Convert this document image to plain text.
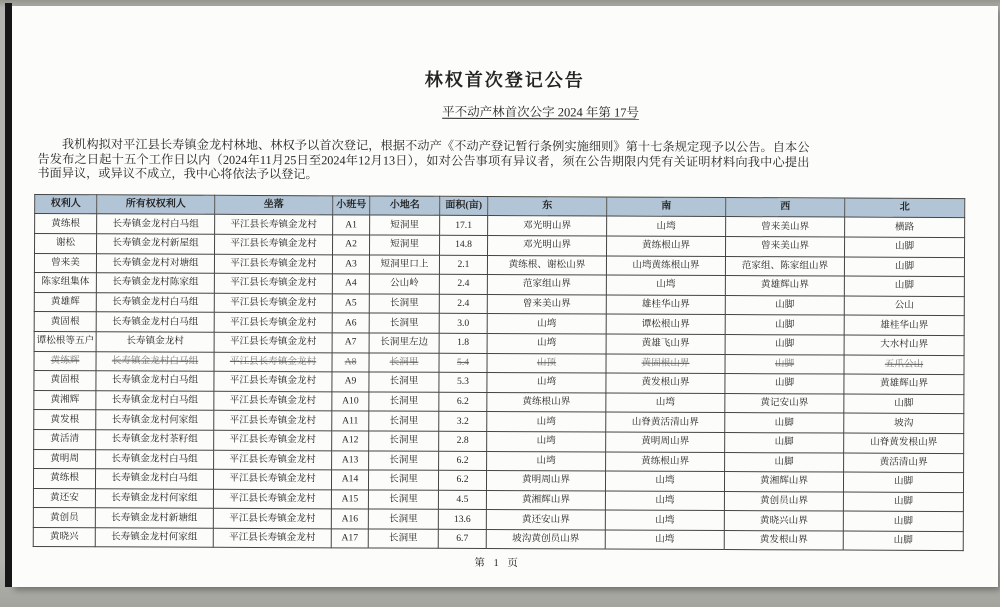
林权首次登记公告
平不动产林首次公字 2024 年第 17号

我机构拟对平江县长寿镇金龙村林地、林权予以首次登记，根据不动产《不动产登记暂行条例实施细则》第十七条规定现予以公告。自本公告发布之日起十五个工作日以内（2024年11月25日至2024年12月13日），如对公告事项有异议者，须在公告期限内凭有关证明材料向我中心提出书面异议，或异议不成立，我中心将依法予以登记。

权利人	所有权权利人	坐落	小班号	小地名	面积(亩)	东	南	西	北
黄练根	长寿镇金龙村白马组	平江县长寿镇金龙村	A1	短洞里	17.1	邓光明山界	山塆	曾来美山界	横路
谢松	长寿镇金龙村新屋组	平江县长寿镇金龙村	A2	短洞里	14.8	邓光明山界	黄练根山界	曾来美山界	山脚
曾来美	长寿镇金龙村对塘组	平江县长寿镇金龙村	A3	短洞里口上	2.1	黄练根、谢松山界	山塆黄练根山界	范家组、陈家组山界	山脚
陈家组集体	长寿镇金龙村陈家组	平江县长寿镇金龙村	A4	公山岭	2.4	范家组山界	山塆	黄雄辉山界	山脚
黄雄辉	长寿镇金龙村白马组	平江县长寿镇金龙村	A5	长洞里	2.4	曾来美山界	雄桂华山界	山脚	公山
黄固根	长寿镇金龙村白马组	平江县长寿镇金龙村	A6	长洞里	3.0	山塆	谭松根山界	山脚	雄桂华山界
谭松根等五户	长寿镇金龙村	平江县长寿镇金龙村	A7	长洞里左边	1.8	山塆	黄雄飞山界	山脚	大水村山界
黄练辉	长寿镇金龙村白马组	平江县长寿镇金龙村	A8	长洞里	5.4	山顶	黄固根山界	山脚	五爪公山
黄固根	长寿镇金龙村白马组	平江县长寿镇金龙村	A9	长洞里	5.3	山塆	黄发根山界	山脚	黄雄辉山界
黄湘辉	长寿镇金龙村白马组	平江县长寿镇金龙村	A10	长洞里	6.2	黄练根山界	山塆	黄记安山界	山脚
黄发根	长寿镇金龙村何家组	平江县长寿镇金龙村	A11	长洞里	3.2	山塆	山脊黄活清山界	山脚	坡沟
黄活清	长寿镇金龙村茶籽组	平江县长寿镇金龙村	A12	长洞里	2.8	山塆	黄明周山界	山脚	山脊黄发根山界
黄明周	长寿镇金龙村白马组	平江县长寿镇金龙村	A13	长洞里	6.2	山塆	黄练根山界	山脚	黄活清山界
黄练根	长寿镇金龙村白马组	平江县长寿镇金龙村	A14	长洞里	6.2	黄明周山界	山塆	黄湘辉山界	山脚
黄还安	长寿镇金龙村何家组	平江县长寿镇金龙村	A15	长洞里	4.5	黄湘辉山界	山塆	黄创员山界	山脚
黄创员	长寿镇金龙村新塘组	平江县长寿镇金龙村	A16	长洞里	13.6	黄还安山界	山塆	黄晓兴山界	山脚
黄晓兴	长寿镇金龙村何家组	平江县长寿镇金龙村	A17	长洞里	6.7	坡沟黄创员山界	山塆	黄发根山界	山脚
第 1 页
